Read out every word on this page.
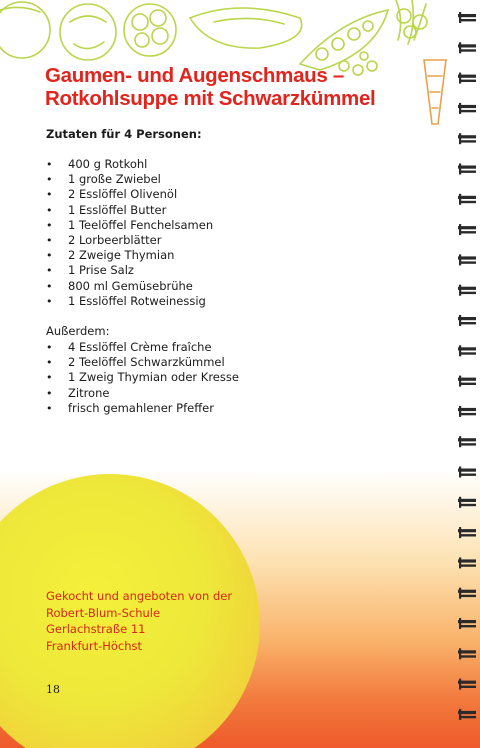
Gaumen- und Augenschmaus –
Rotkohlsuppe mit Schwarzkümmel
Zutaten für 4 Personen:
• 400 g Rotkohl
• 1 große Zwiebel
• 2 Esslöffel Olivenöl
• 1 Esslöffel Butter
• 1 Teelöffel Fenchelsamen
• 2 Lorbeerblätter
• 2 Zweige Thymian
• 1 Prise Salz
• 800 ml Gemüsebrühe
• 1 Esslöffel Rotweinessig
Außerdem:
• 4 Esslöffel Crème fraîche
• 2 Teelöffel Schwarzkümmel
• 1 Zweig Thymian oder Kresse
• Zitrone
• frisch gemahlener Pfeffer
Gekocht und angeboten von der
Robert-Blum-Schule
Gerlachstraße 11
Frankfurt-Höchst
18
